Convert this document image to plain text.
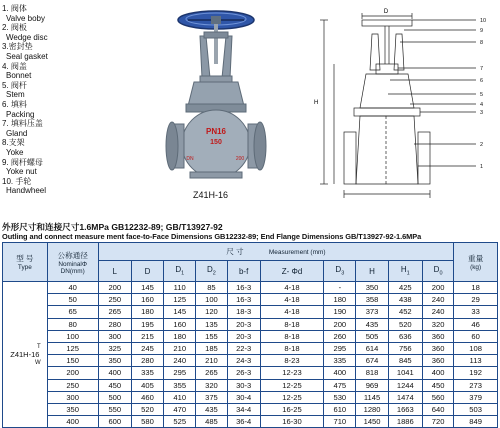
1. 阀体
Valve boby
2. 阀板
Wedge disc
3.密封垫
Seal gasket
4. 阀盖
Bonnet
5. 阀杆
Stem
6. 填料
Packing
7. 填料压盖
Gland
8.支架
Yoke
9. 阀杆螺母
Yoke nut
10. 手轮
Handwheel
PN16
150
DN	200
Z41H-16
D
H
10
9
8
7
6
5
4
3
2
1
外形尺寸和连接尺寸1.6MPa GB12232-89; GB/T13927-92
Outling and connect measure ment face-to-Face Dimensions GB12232-89; End Flange Dimensions GB/T13927-92-1.6MPa
型 号

Type	公称通径
NominalΦ DN(mm)	尺 寸 Measurement (mm)										重量

(kg)

		L	D	$D_1$	$D_2$	b-f	Z- Φd	$D_3$	H	$H_1$	$D_0$

T
Z41H-16
W	40	200	145	110	85	16-3	4-18	-	350	425	200	18
	50	250	160	125	100	16-3	4-18	180	358	438	240	29
	65	265	180	145	120	18-3	4-18	190	373	452	240	33
	80	280	195	160	135	20-3	8-18	200	435	520	320	46
	100	300	215	180	155	20-3	8-18	260	505	636	360	60
	125	325	245	210	185	22-3	8-18	295	614	756	360	108
	150	350	280	240	210	24-3	8-23	335	674	845	360	113
	200	400	335	295	265	26-3	12-23	400	818	1041	400	192
	250	450	405	355	320	30-3	12-25	475	969	1244	450	273
	300	500	460	410	375	30-4	12-25	530	1145	1474	560	379
	350	550	520	470	435	34-4	16-25	610	1280	1663	640	503
	400	600	580	525	485	36-4	16-30	710	1450	1886	720	849
